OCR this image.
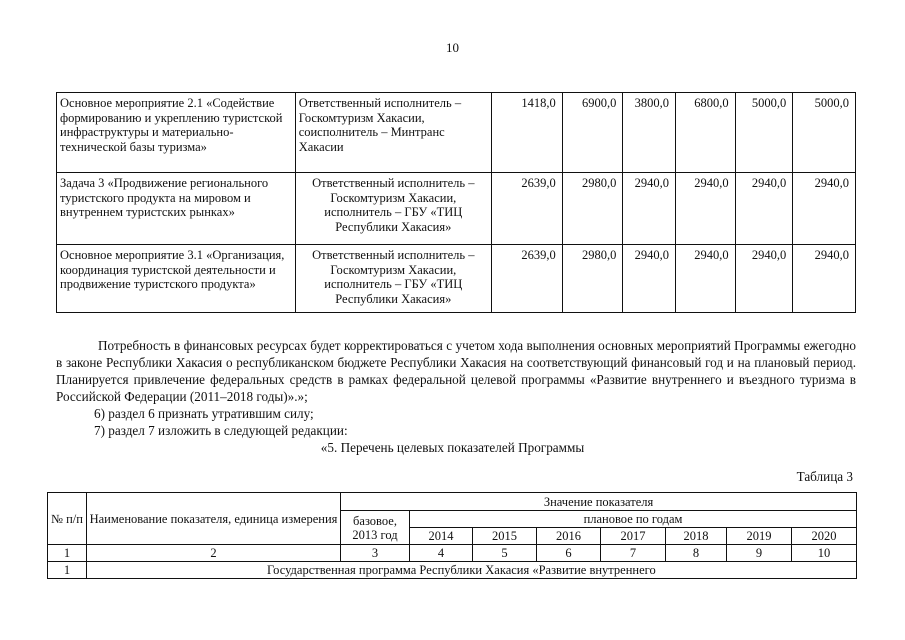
10
Основное мероприятие 2.1 «Содействие формированию и укреплению туристской инфраструктуры и материально-технической базы туризма»	Ответственный исполнитель – Госкомтуризм Хакасии, соисполнитель – Минтранс Хакасии	1418,0	6900,0	3800,0	6800,0	5000,0	5000,0
Задача 3 «Продвижение регионального туристского продукта на мировом и внутреннем туристских рынках»	Ответственный исполнитель – Госкомтуризм Хакасии, исполнитель – ГБУ «ТИЦ Республики Хакасия»	2639,0	2980,0	2940,0	2940,0	2940,0	2940,0
Основное мероприятие 3.1 «Организация, координация туристской деятельности и продвижение туристского продукта»	Ответственный исполнитель – Госкомтуризм Хакасии, исполнитель – ГБУ «ТИЦ Республики Хакасия»	2639,0	2980,0	2940,0	2940,0	2940,0	2940,0
Потребность в финансовых ресурсах будет корректироваться с учетом хода выполнения основных мероприятий Программы ежегодно в законе Республики Хакасия о республиканском бюджете Республики Хакасия на соответствующий финансовый год и на плановый период. Планируется привлечение федеральных средств в рамках федеральной целевой программы «Развитие внутреннего и въездного туризма в Российской Федерации (2011–2018 годы)».»;
6) раздел 6 признать утратившим силу;
7) раздел 7 изложить в следующей редакции:
«5. Перечень целевых показателей Программы
Таблица 3
№ п/п	Наименование показателя, единица измерения	Значение показателя							
		базовое, 2013 год	плановое по годам						
			2014	2015	2016	2017	2018	2019	2020
1	2	3	4	5	6	7	8	9	10
1	Государственная программа Республики Хакасия «Развитие внутреннего								
